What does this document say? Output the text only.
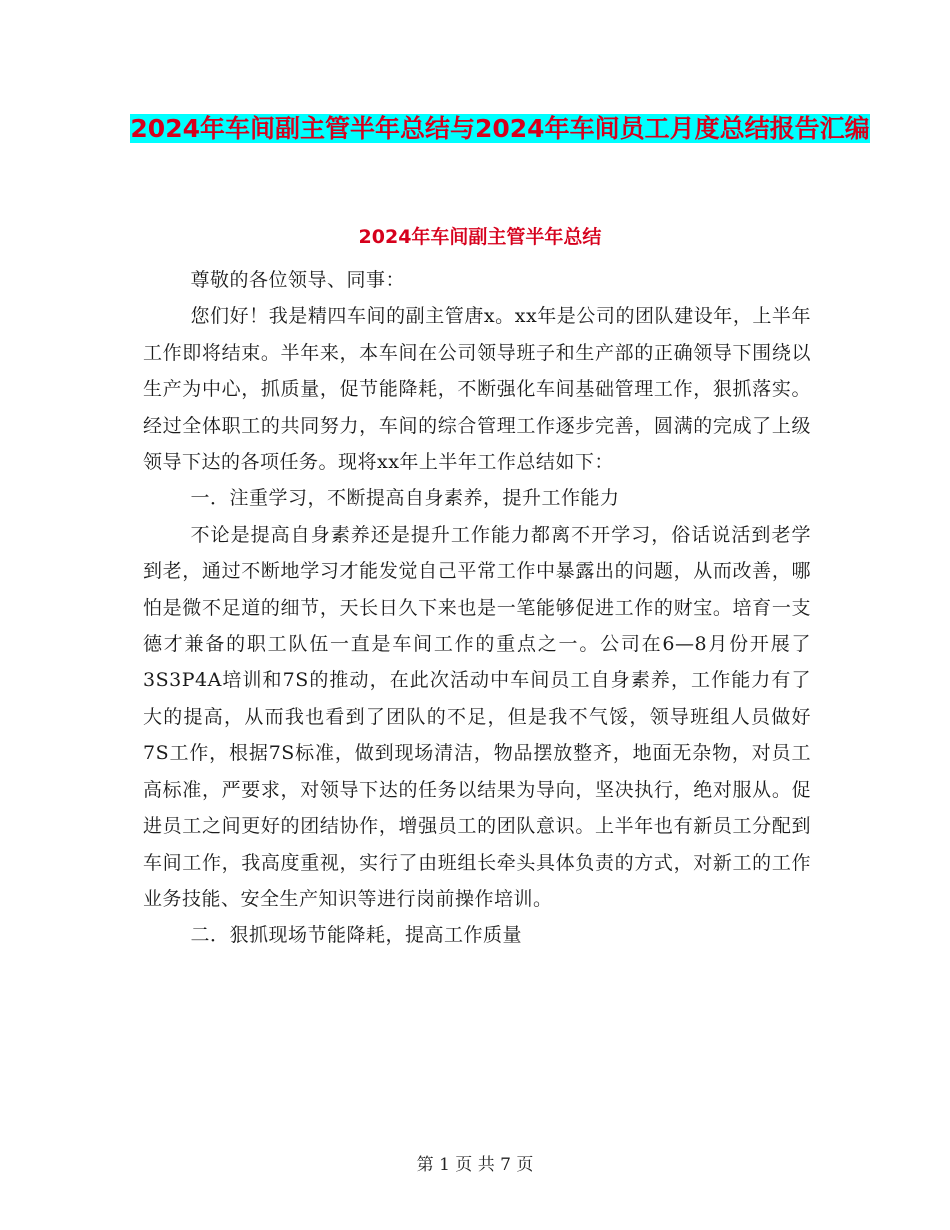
2024年车间副主管半年总结与2024年车间员工月度总结报告汇编
2024年车间副主管半年总结

尊敬的各位领导、同事：

您们好！我是精四车间的副主管唐x。xx年是公司的团队建设年，上半年工作即将结束。半年来，本车间在公司领导班子和生产部的正确领导下围绕以生产为中心，抓质量，促节能降耗，不断强化车间基础管理工作，狠抓落实。经过全体职工的共同努力，车间的综合管理工作逐步完善，圆满的完成了上级领导下达的各项任务。现将xx年上半年工作总结如下：

一．注重学习，不断提高自身素养，提升工作能力

不论是提高自身素养还是提升工作能力都离不开学习，俗话说活到老学到老，通过不断地学习才能发觉自己平常工作中暴露出的问题，从而改善，哪怕是微不足道的细节，天长日久下来也是一笔能够促进工作的财宝。培育一支德才兼备的职工队伍一直是车间工作的重点之一。公司在6—8月份开展了3S3P4A培训和7S的推动，在此次活动中车间员工自身素养，工作能力有了大的提高，从而我也看到了团队的不足，但是我不气馁，领导班组人员做好7S工作，根据7S标准，做到现场清洁，物品摆放整齐，地面无杂物，对员工高标准，严要求，对领导下达的任务以结果为导向，坚决执行，绝对服从。促进员工之间更好的团结协作，增强员工的团队意识。上半年也有新员工分配到车间工作，我高度重视，实行了由班组长牵头具体负责的方式，对新工的工作业务技能、安全生产知识等进行岗前操作培训。

二．狠抓现场节能降耗，提高工作质量

第 1 页 共 7 页
